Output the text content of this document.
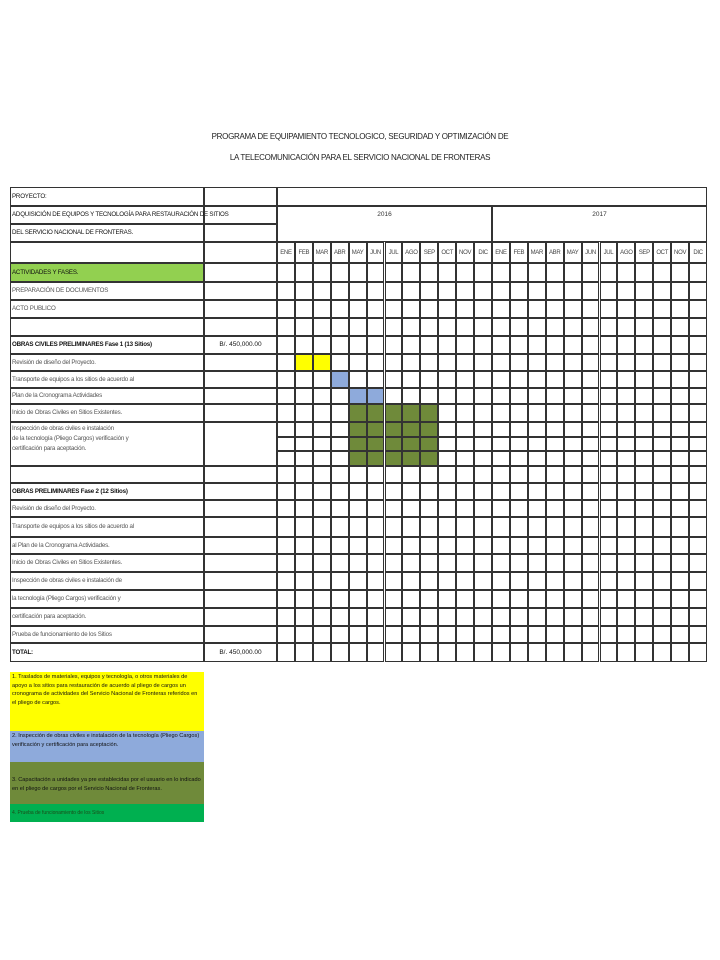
PROGRAMA DE EQUIPAMIENTO TECNOLOGICO, SEGURIDAD Y OPTIMIZACIÓN DE
LA TELECOMUNICACIÓN PARA EL SERVICIO NACIONAL DE FRONTERAS
PROYECTO:
ADQUISICIÓN DE EQUIPOS Y TECNOLOGÍA PARA RESTAURACIÓN DE SITIOS	2016	2017
DEL SERVICIO NACIONAL DE FRONTERAS.
ENE	FEB	MAR ABR	MAY	JUN	JUL	AGO	SEP	OCT NOV	DIC	ENE	FEB	MAR ABR	MAY	JUN	JUL	AGO	SEP	OCT NOV	DIC
ACTIVIDADES Y FASES.
PREPARACIÓN DE DOCUMENTOS
ACTO PUBLICO
OBRAS CIVILES PRELIMINARES Fase 1 (13 Sitios)	B/. 450,000.00
Revisión de diseño del Proyecto.
Transporte de equipos a los sitios de acuerdo al
Plan de la Cronograma Actividades
Inicio de Obras Civiles en Sitios Existentes.
Inspección de obras civiles e instalación
de la tecnología (Pliego Cargos) verificación y
certificación para aceptación.
OBRAS PRELIMINARES Fase 2 (12 Sitios)
Revisión de diseño del Proyecto.
Transporte de equipos a los sitios de acuerdo al
al Plan de la Cronograma Actividades.
Inicio de Obras Civiles en Sitios Existentes.
Inspección de obras civiles e instalación de
la tecnología (Pliego Cargos) verificación y
certificación para aceptación.
Prueba de funcionamiento de los Sitios
TOTAL:	B/. 450,000.00
1. Traslados de materiales, equipos y tecnología, o otros materiales de apoyo a los sitios para restauración de acuerdo al pliego de cargos un cronograma de actividades del Servicio Nacional de Fronteras referidos en el pliego de cargos.
2. Inspección de obras civiles e instalación de la tecnología (Pliego Cargos) verificación y certificación para aceptación.
3. Capacitación a unidades ya pre establecidas por el usuario en lo indicado en el pliego de cargos por el Servicio Nacional de Fronteras.
4. Prueba de funcionamiento de los Sitios
